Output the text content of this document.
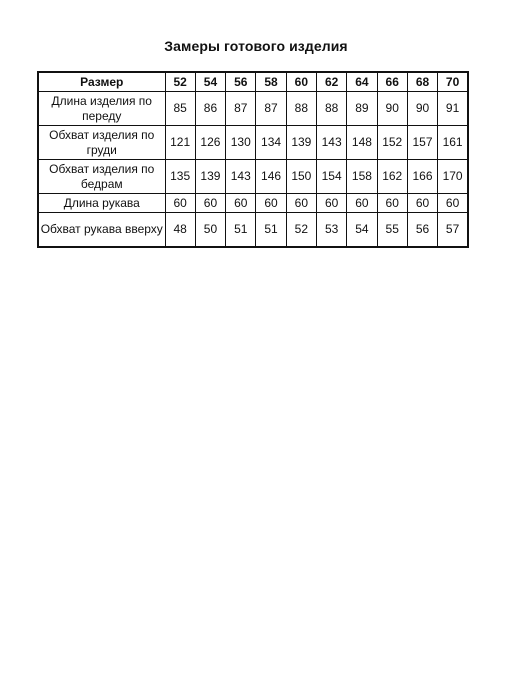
Замеры готового изделия
Размер	52	54	56	58	60	62	64	66	68	70
Длина изделия по переду	85	86	87	87	88	88	89	90	90	91
Обхват изделия по груди	121	126	130	134	139	143	148	152	157	161
Обхват изделия по бедрам	135	139	143	146	150	154	158	162	166	170
Длина рукава	60	60	60	60	60	60	60	60	60	60
Обхват рукава вверху	48	50	51	51	52	53	54	55	56	57
